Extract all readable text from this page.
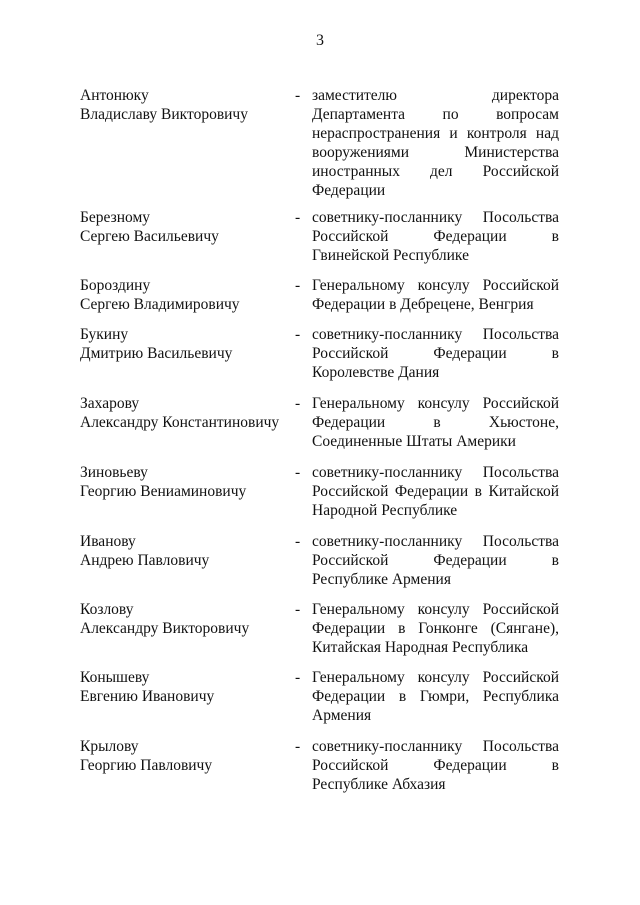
3
Антонюку
Владиславу Викторовичу
- заместителю директора
Департамента по вопросам
нераспространения и контроля над
вооружениями Министерства
иностранных дел Российской
Федерации
Березному
Сергею Васильевичу
- советнику-посланнику Посольства
Российской Федерации в
Гвинейской Республике
Бороздину
Сергею Владимировичу
- Генеральному консулу Российской
Федерации в Дебрецене, Венгрия
Букину
Дмитрию Васильевичу
- советнику-посланнику Посольства
Российской Федерации в
Королевстве Дания
Захарову
Александру Константиновичу
- Генеральному консулу Российской
Федерации в Хьюстоне,
Соединенные Штаты Америки
Зиновьеву
Георгию Вениаминовичу
- советнику-посланнику Посольства
Российской Федерации в Китайской
Народной Республике
Иванову
Андрею Павловичу
- советнику-посланнику Посольства
Российской Федерации в
Республике Армения
Козлову
Александру Викторовичу
- Генеральному консулу Российской
Федерации в Гонконге (Сянгане),
Китайская Народная Республика
Конышеву
Евгению Ивановичу
- Генеральному консулу Российской
Федерации в Гюмри, Республика
Армения
Крылову
Георгию Павловичу
- советнику-посланнику Посольства
Российской Федерации в
Республике Абхазия
